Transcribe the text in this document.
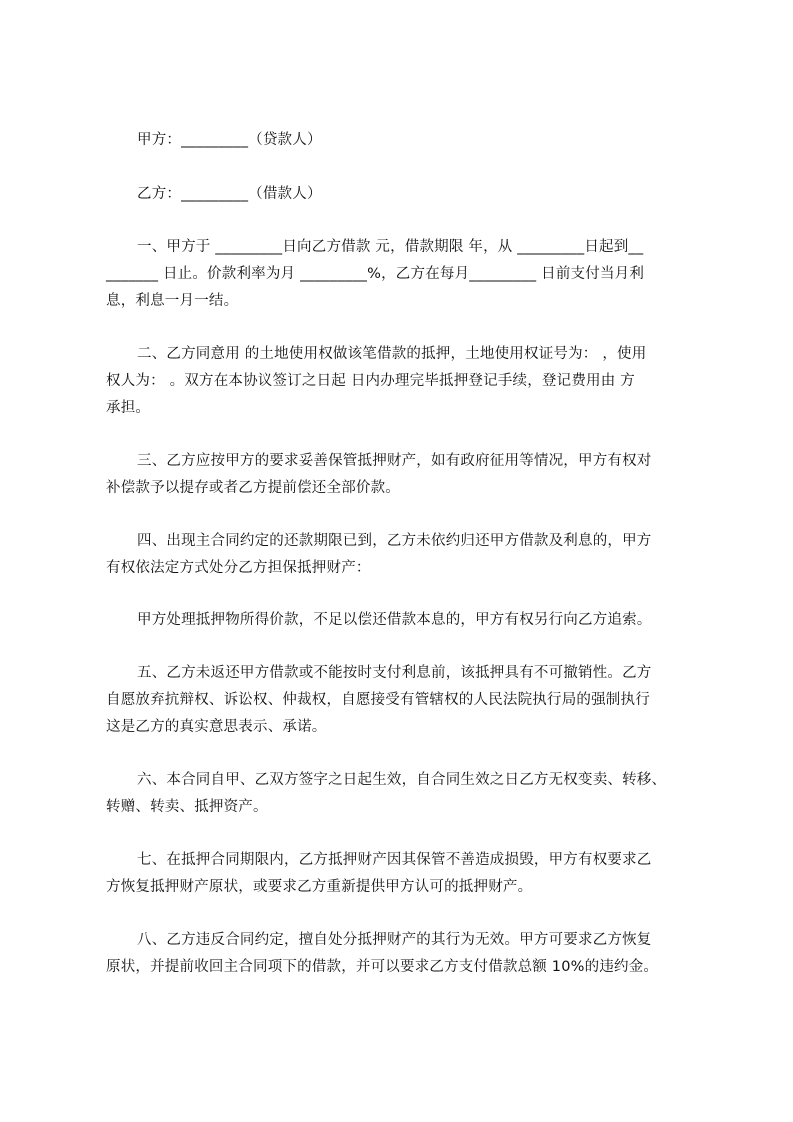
甲方：_________（贷款人）
乙方：_________（借款人）
一、甲方于 _________日向乙方借款 元，借款期限 年，从 _________日起到__
_______ 日止。价款利率为月 _________%，乙方在每月_________ 日前支付当月利
息，利息一月一结。
二、乙方同意用 的土地使用权做该笔借款的抵押，土地使用权证号为： ，使用
权人为： 。双方在本协议签订之日起 日内办理完毕抵押登记手续，登记费用由 方
承担。
三、乙方应按甲方的要求妥善保管抵押财产，如有政府征用等情况，甲方有权对
补偿款予以提存或者乙方提前偿还全部价款。
四、出现主合同约定的还款期限已到，乙方未依约归还甲方借款及利息的，甲方
有权依法定方式处分乙方担保抵押财产：
甲方处理抵押物所得价款，不足以偿还借款本息的，甲方有权另行向乙方追索。
五、乙方未返还甲方借款或不能按时支付利息前，该抵押具有不可撤销性。乙方
自愿放弃抗辩权、诉讼权、仲裁权，自愿接受有管辖权的人民法院执行局的强制执行
这是乙方的真实意思表示、承诺。
六、本合同自甲、乙双方签字之日起生效，自合同生效之日乙方无权变卖、转移、
转赠、转卖、抵押资产。
七、在抵押合同期限内，乙方抵押财产因其保管不善造成损毁，甲方有权要求乙
方恢复抵押财产原状，或要求乙方重新提供甲方认可的抵押财产。
八、乙方违反合同约定，擅自处分抵押财产的其行为无效。甲方可要求乙方恢复
原状，并提前收回主合同项下的借款，并可以要求乙方支付借款总额 10%的违约金。
